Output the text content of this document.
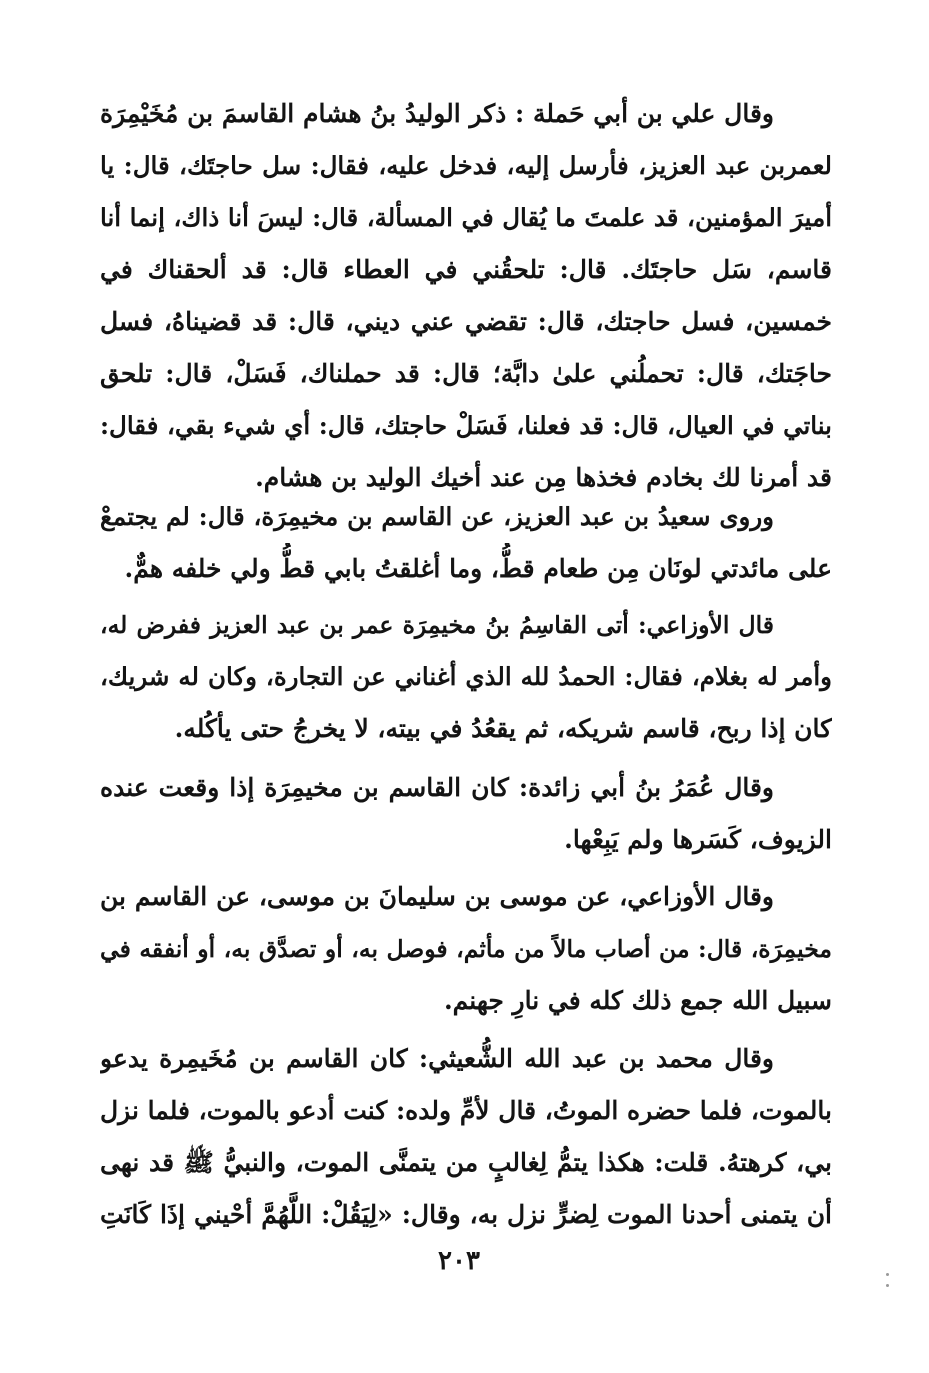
وقال علي بن أبي حَملة : ذكر الوليدُ بنُ هشام القاسمَ بن مُخَيْمِرَة
لعمربن عبد العزيز، فأرسل إليه، فدخل عليه، فقال: سل حاجتَك، قال: يا
أميرَ المؤمنين، قد علمتَ ما يُقال في المسألة، قال: ليسَ أنا ذاك، إنما أنا
قاسم، سَل حاجتَك. قال: تلحقُني في العطاء قال: قد ألحقناك في
خمسين، فسل حاجتك، قال: تقضي عني ديني، قال: قد قضيناهُ، فسل
حاجَتك، قال: تحملُني علىٰ دابَّة؛ قال: قد حملناك، فَسَلْ، قال: تلحق
بناتي في العيال، قال: قد فعلنا، فَسَلْ حاجتك، قال: أي شيء بقي، فقال:
قد أمرنا لك بخادم فخذها مِن عند أخيك الوليد بن هشام.
وروى سعيدُ بن عبد العزيز، عن القاسم بن مخيمِرَة، قال: لم يجتمعْ
على مائدتي لونَان مِن طعام قطُّ، وما أغلقتُ بابي قطُّ ولي خلفه همٌّ.
قال الأوزاعي: أتى القاسِمُ بنُ مخيمِرَة عمر بن عبد العزيز ففرض له،
وأمر له بغلام، فقال: الحمدُ لله الذي أغناني عن التجارة، وكان له شريك،
كان إذا ربح، قاسم شريكه، ثم يقعُدُ في بيته، لا يخرجُ حتى يأكُله.
وقال عُمَرُ بنُ أبي زائدة: كان القاسم بن مخيمِرَة إذا وقعت عنده
الزيوف، كَسَرها ولم يَبِعْها.
وقال الأوزاعي، عن موسى بن سليمانَ بن موسى، عن القاسم بن
مخيمِرَة، قال: من أصاب مالاً من مأثم، فوصل به، أو تصدَّق به، أو أنفقه في
سبيل الله جمع ذلك كله في نارِ جهنم.
وقال محمد بن عبد الله الشُّعيثي: كان القاسم بن مُخَيمِرة يدعو
بالموت، فلما حضره الموتُ، قال لأمِّ ولده: كنت أدعو بالموت، فلما نزل
بي، كرهتهُ. قلت: هكذا يتمُّ لِغالبٍ من يتمنَّى الموت، والنبيُّ ﷺ قد نهى
أن يتمنى أحدنا الموت لِضرٍّ نزل به، وقال: «لِيَقُلْ: اللَّهُمَّ أحْيني إذَا كَانَتِ
٢٠٣
